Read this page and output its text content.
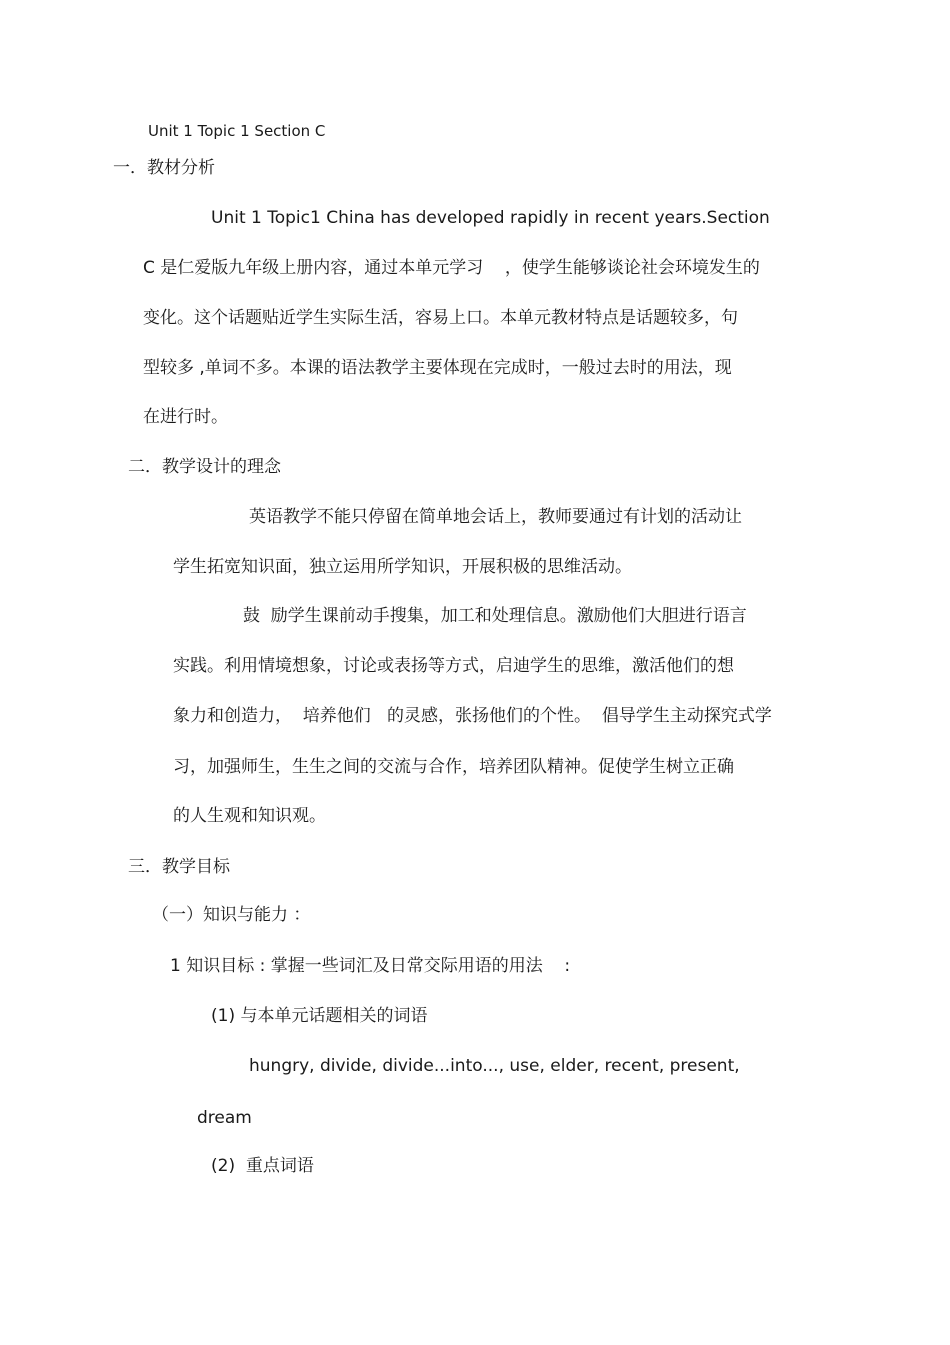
Unit 1 Topic 1 Section C

一．教材分析

Unit 1 Topic1 China has developed rapidly in recent years.Section

C 是仁爱版九年级上册内容，通过本单元学习    ，使学生能够谈论社会环境发生的

变化。这个话题贴近学生实际生活，容易上口。本单元教材特点是话题较多，句

型较多 ,单词不多。本课的语法教学主要体现在完成时，一般过去时的用法，现

在进行时。

二．教学设计的理念

英语教学不能只停留在简单地会话上，教师要通过有计划的活动让

学生拓宽知识面，独立运用所学知识，开展积极的思维活动。

鼓  励学生课前动手搜集，加工和处理信息。激励他们大胆进行语言

实践。利用情境想象，讨论或表扬等方式，启迪学生的思维，激活他们的想

象力和创造力，  培养他们   的灵感，张扬他们的个性。  倡导学生主动探究式学

习，加强师生，生生之间的交流与合作，培养团队精神。促使学生树立正确

的人生观和知识观。

三．教学目标

（一）知识与能力 ：

1 知识目标 : 掌握一些词汇及日常交际用语的用法    :

(1) 与本单元话题相关的词语

hungry, divide, divide...into..., use, elder, recent, present,

dream

(2)  重点词语
